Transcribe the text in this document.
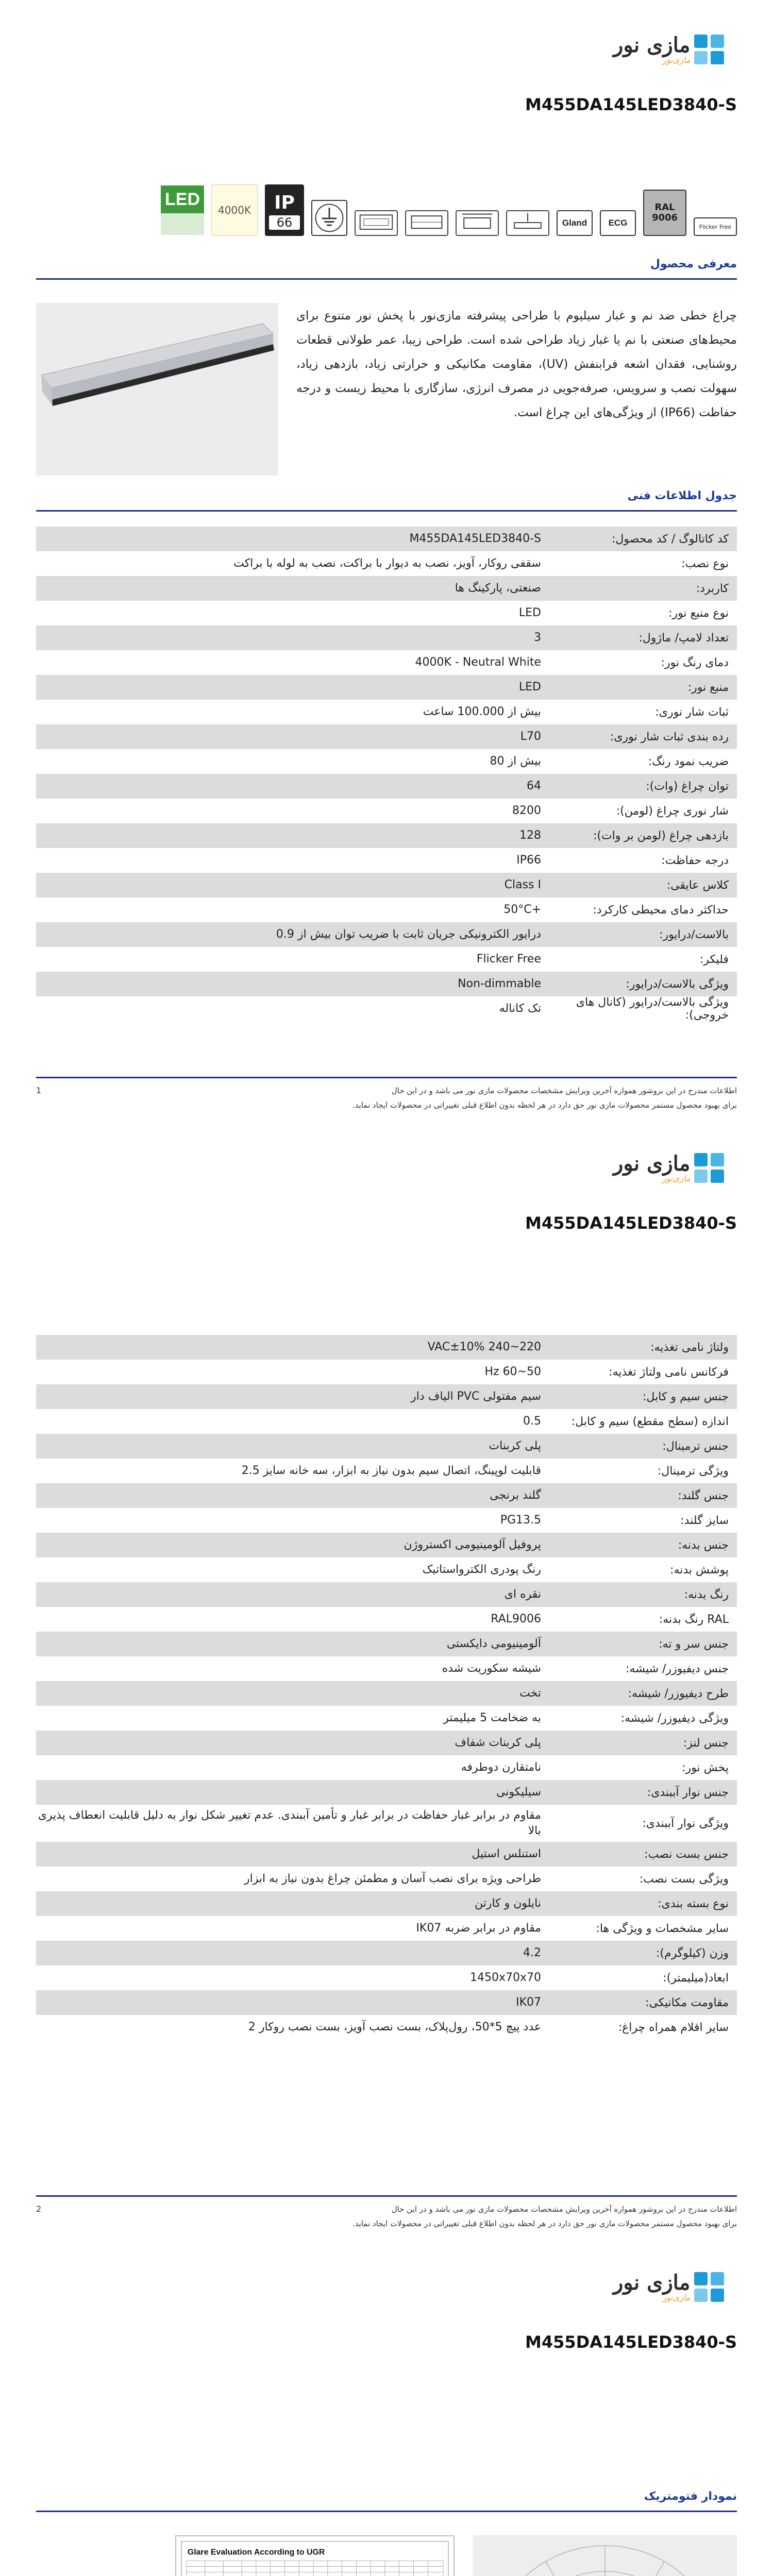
مازی نور
مازی‌نور
M455DA145LED3840-S
Flicker Free
RAL
9006
ECG
Gland
IP
66
4000K
LED
معرفی محصول
چراغ خطی ضد نم و غبار سیلیوم با طراحی پیشرفته مازی‌نور با پخش نور متنوع برای محیط‌های صنعتی با نم یا غبار زیاد طراحی شده است. طراحی زیبا، عمر طولانی قطعات روشنایی، فقدان اشعه فرابنفش (UV)، مقاومت مکانیکی و حرارتی زیاد، بازدهی زیاد، سهولت نصب و سرویس، صرفه‌جویی در مصرف انرژی، سازگاری با محیط زیست و درجه حفاظت (IP66) از ویژگی‌های این چراغ است.
جدول اطلاعات فنی
کد کاتالوگ / کد محصول:
M455DA145LED3840-S
نوع نصب:
سقفی روکار، آویز، نصب به دیوار با براکت، نصب به لوله با براکت
کاربرد:
صنعتی، پارکینگ ها
نوع منبع نور:
LED
تعداد لامپ/ ماژول:
3
دمای رنگ نور:
4000K - Neutral White
منبع نور:
LED
ثبات شار نوری:
بیش از 100.000 ساعت
رده بندی ثبات شار نوری:
L70
ضریب نمود رنگ:
بیش از 80
توان چراغ (وات):
64
شار نوری چراغ (لومن):
8200
بازدهی چراغ (لومن بر وات):
128
درجه حفاظت:
IP66
کلاس عایقی:
Class I
حداکثر دمای محیطی کارکرد:
+50°C
بالاست/درایور:
درایور الکترونیکی جریان ثابت با ضریب توان بیش از 0.9
فلیکر:
Flicker Free
ویژگی بالاست/درایور:
Non-dimmable
ویژگی بالاست/درایور (کانال های خروجی):
تک کاناله
اطلاعات مندرج در این بروشور همواره آخرین ویرایش مشخصات محصولات مازی نور می باشد و در این حال
برای بهبود محصول مستمر محصولات مازی نور حق دارد در هر لحظه بدون اطلاع قبلی تغییراتی در محصولات ایجاد نماید.
1
مازی نور
مازی‌نور
M455DA145LED3840-S
ولتاژ نامی تغذیه:
220~240 VAC±10%
فرکانس نامی ولتاژ تغذیه:
50~60 Hz
جنس سیم و کابل:
سیم مفتولی PVC الیاف دار
اندازه (سطح مقطع) سیم و کابل:
0.5
جنس ترمینال:
پلی کربنات
ویژگی ترمینال:
قابلیت لوپینگ، اتصال سیم بدون نیاز به ابزار، سه خانه سایز 2.5
جنس گلند:
گلند برنجی
سایز گلند:
PG13.5
جنس بدنه:
پروفیل آلومینیومی اکستروژن
پوشش بدنه:
رنگ پودری الکترواستاتیک
رنگ بدنه:
نقره ای
RAL رنگ بدنه:
RAL9006
جنس سر و ته:
آلومینیومی دایکستی
جنس دیفیوزر/ شیشه:
شیشه سکوریت شده
طرح دیفیوزر/ شیشه:
تخت
ویژگی دیفیوزر/ شیشه:
به ضخامت 5 میلیمتر
جنس لنز:
پلی کربنات شفاف
پخش نور:
نامتقارن دوطرفه
جنس نوار آببندی:
سیلیکونی
ویژگی نوار آببندی:
مقاوم در برابر غبار حفاظت در برابر غبار و تأمین آببندی. عدم تغییر شکل نوار به دلیل قابلیت انعطاف پذیری بالا
جنس بست نصب:
استنلس استیل
ویژگی بست نصب:
طراحی ویژه برای نصب آسان و مطمئن چراغ بدون نیاز به ابزار
نوع بسته بندی:
نایلون و کارتن
سایر مشخصات و ویژگی ها:
مقاوم در برابر ضربه IK07
وزن (کیلوگرم):
4.2
ابعاد(میلیمتر):
1450x70x70
مقاومت مکانیکی:
IK07
سایر اقلام همراه چراغ:
عدد پیچ 5*50، رول‌پلاک، بست نصب آویز، بست نصب روکار 2
اطلاعات مندرج در این بروشور همواره آخرین ویرایش مشخصات محصولات مازی نور می باشد و در این حال
برای بهبود محصول مستمر محصولات مازی نور حق دارد در هر لحظه بدون اطلاع قبلی تغییراتی در محصولات ایجاد نماید.
2
مازی نور
مازی‌نور
M455DA145LED3840-S
نمودار فتومتریک
Glare Evaluation According to UGR
